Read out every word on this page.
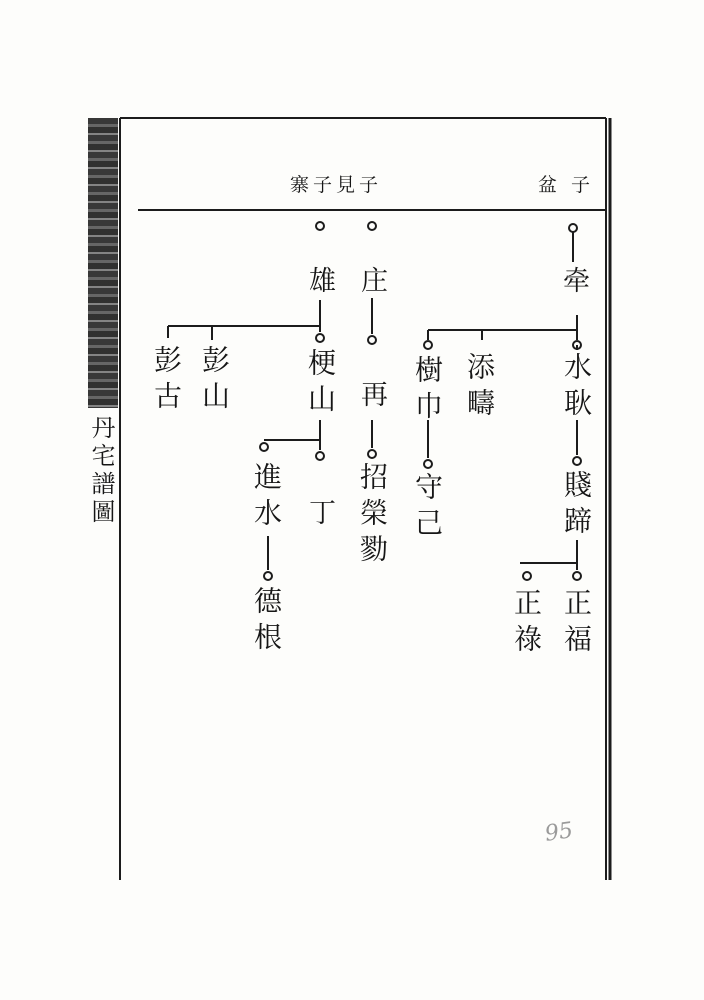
丹宅譜圖
盆 子
寨子見子
牵
水耿
賤蹄
正福
正祿
添疇
樹巾
守己
庄
再
招榮勠
雄
梗山
丁
進水
德根
彭山
彭古
95
